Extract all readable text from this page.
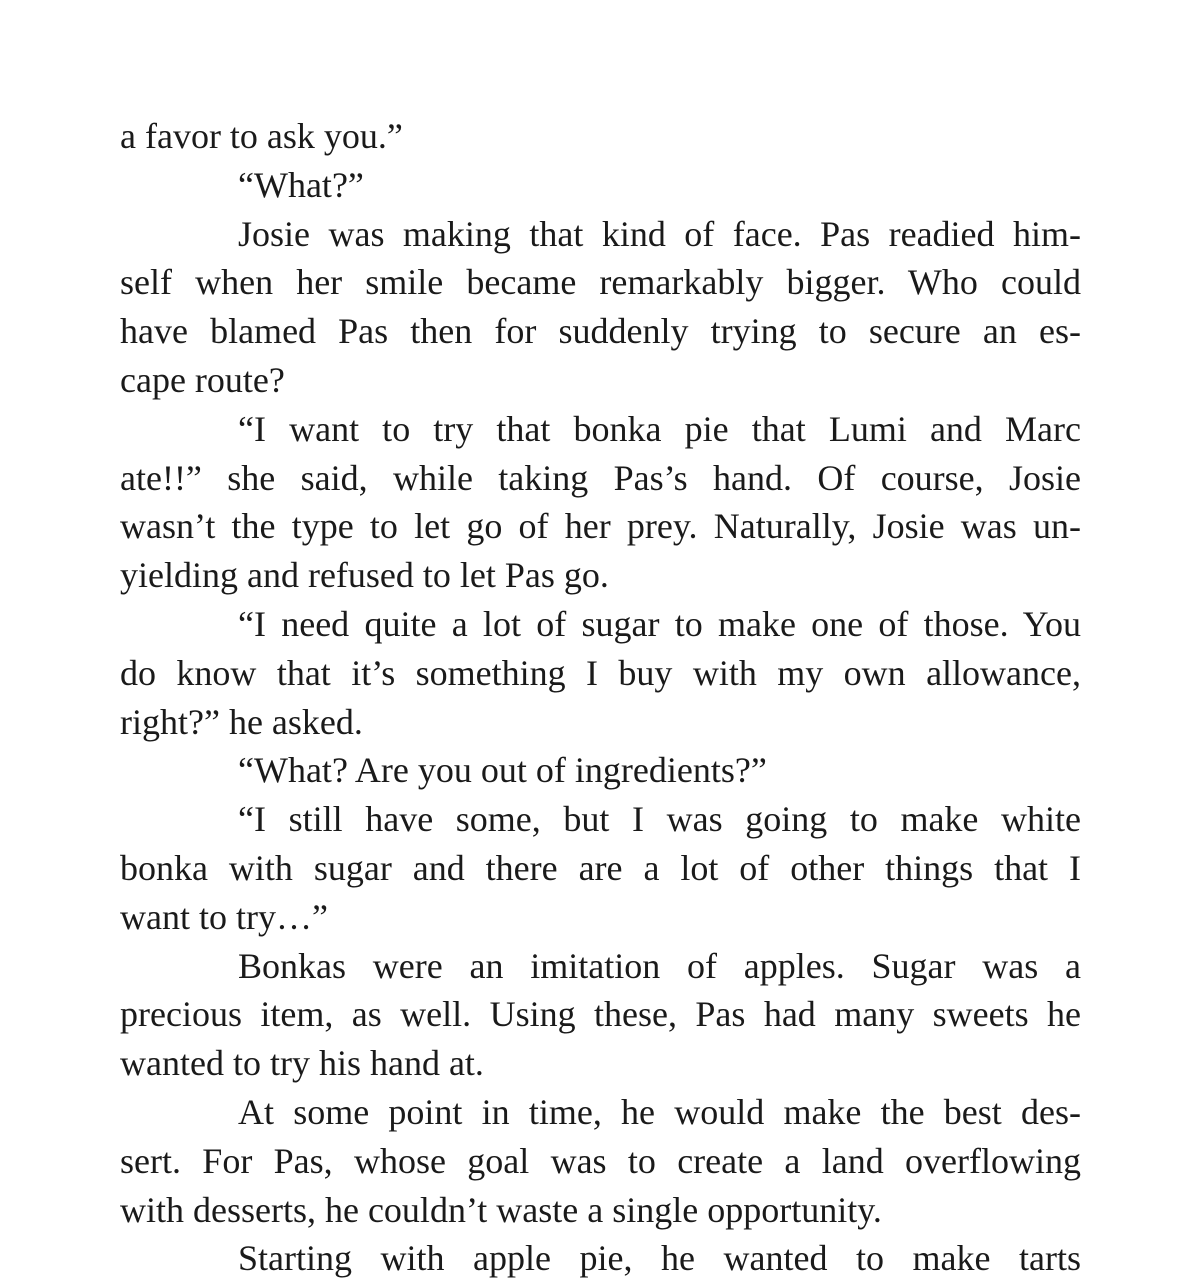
a favor to ask you.”
“What?”
Josie was making that kind of face. Pas readied him-
self when her smile became remarkably bigger. Who could
have blamed Pas then for suddenly trying to secure an es-
cape route?
“I want to try that bonka pie that Lumi and Marc
ate!!” she said, while taking Pas’s hand. Of course, Josie
wasn’t the type to let go of her prey. Naturally, Josie was un-
yielding and refused to let Pas go.
“I need quite a lot of sugar to make one of those. You
do know that it’s something I buy with my own allowance,
right?” he asked.
“What? Are you out of ingredients?”
“I still have some, but I was going to make white
bonka with sugar and there are a lot of other things that I
want to try…”
Bonkas were an imitation of apples. Sugar was a
precious item, as well. Using these, Pas had many sweets he
wanted to try his hand at.
At some point in time, he would make the best des-
sert. For Pas, whose goal was to create a land overflowing
with desserts, he couldn’t waste a single opportunity.
Starting with apple pie, he wanted to make tarts
